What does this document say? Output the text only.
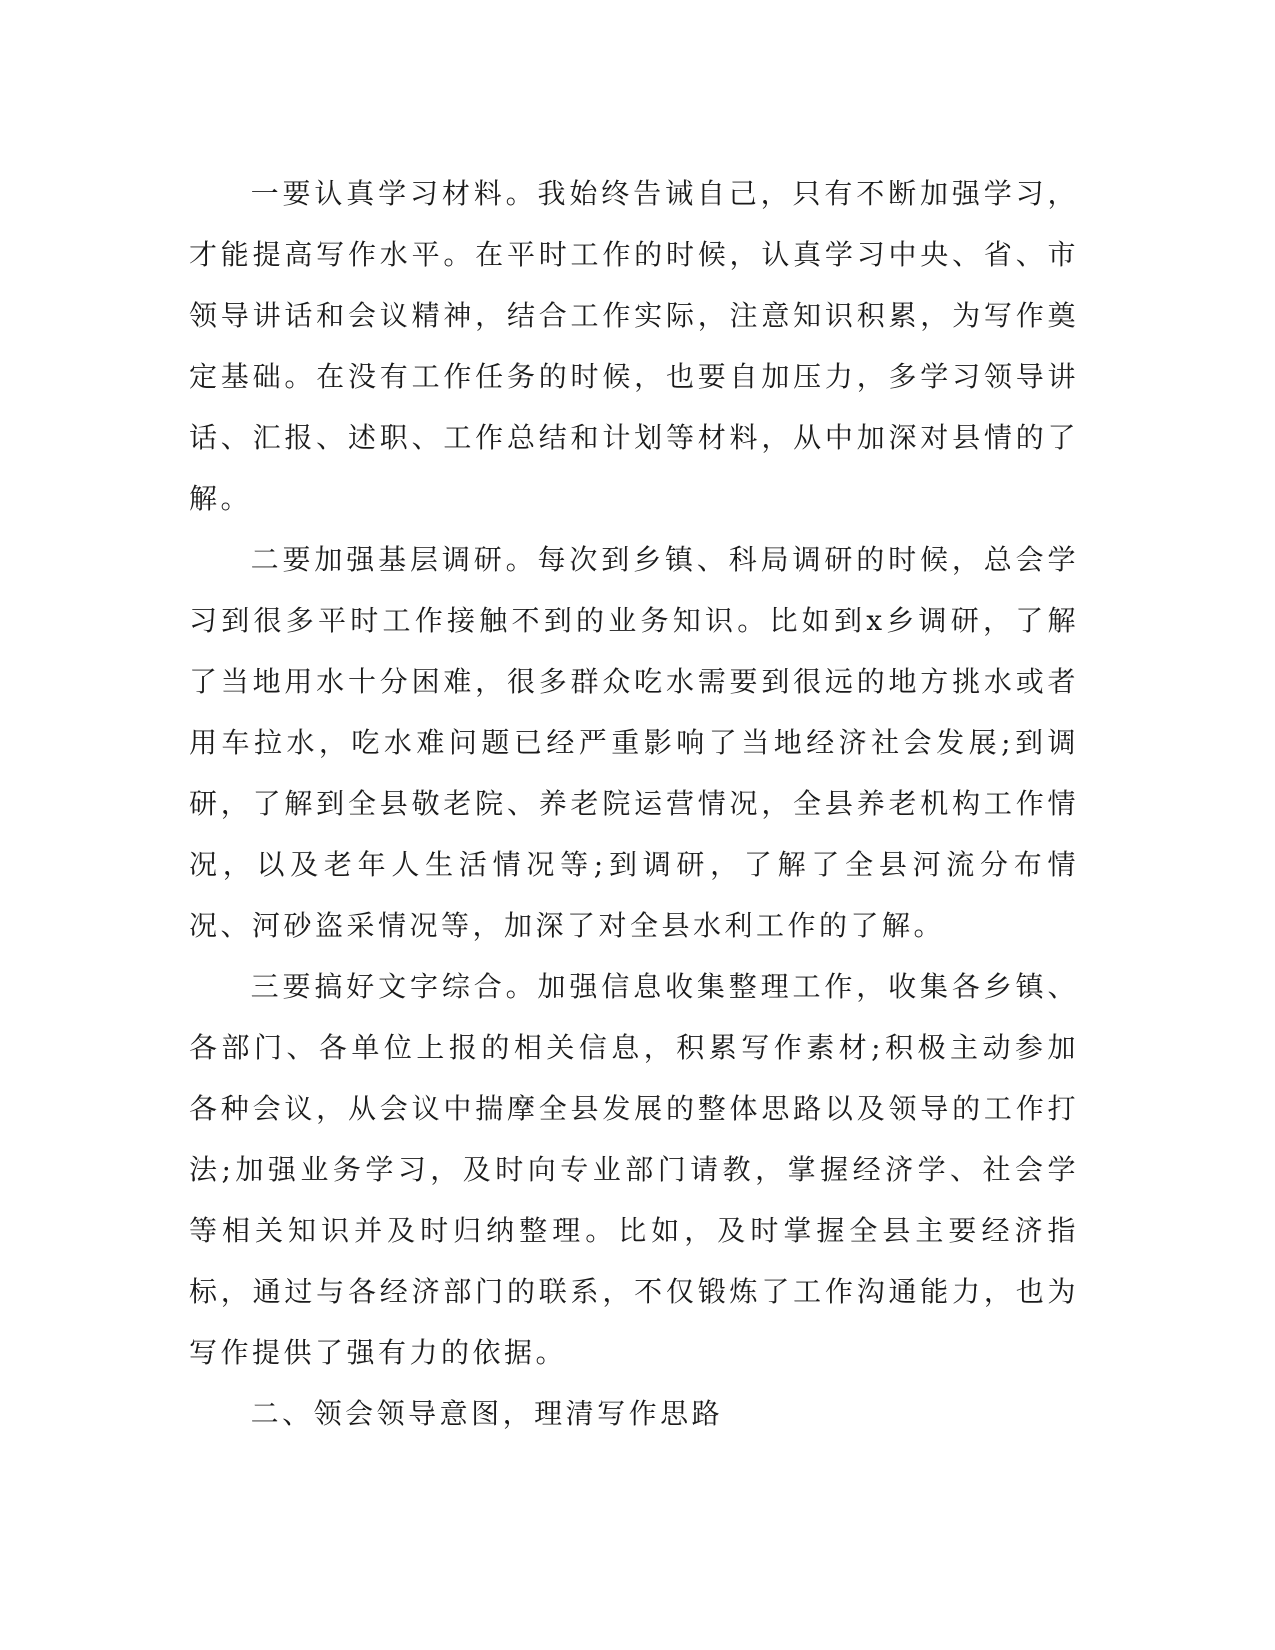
一要认真学习材料。我始终告诫自己，只有不断加强学习，才能提高写作水平。在平时工作的时候，认真学习中央、省、市领导讲话和会议精神，结合工作实际，注意知识积累，为写作奠定基础。在没有工作任务的时候，也要自加压力，多学习领导讲话、汇报、述职、工作总结和计划等材料，从中加深对县情的了解。

二要加强基层调研。每次到乡镇、科局调研的时候，总会学习到很多平时工作接触不到的业务知识。比如到x乡调研，了解了当地用水十分困难，很多群众吃水需要到很远的地方挑水或者用车拉水，吃水难问题已经严重影响了当地经济社会发展;到调研，了解到全县敬老院、养老院运营情况，全县养老机构工作情况，以及老年人生活情况等;到调研，了解了全县河流分布情况、河砂盗采情况等，加深了对全县水利工作的了解。

三要搞好文字综合。加强信息收集整理工作，收集各乡镇、各部门、各单位上报的相关信息，积累写作素材;积极主动参加各种会议，从会议中揣摩全县发展的整体思路以及领导的工作打法;加强业务学习，及时向专业部门请教，掌握经济学、社会学等相关知识并及时归纳整理。比如，及时掌握全县主要经济指标，通过与各经济部门的联系，不仅锻炼了工作沟通能力，也为写作提供了强有力的依据。

二、领会领导意图，理清写作思路
